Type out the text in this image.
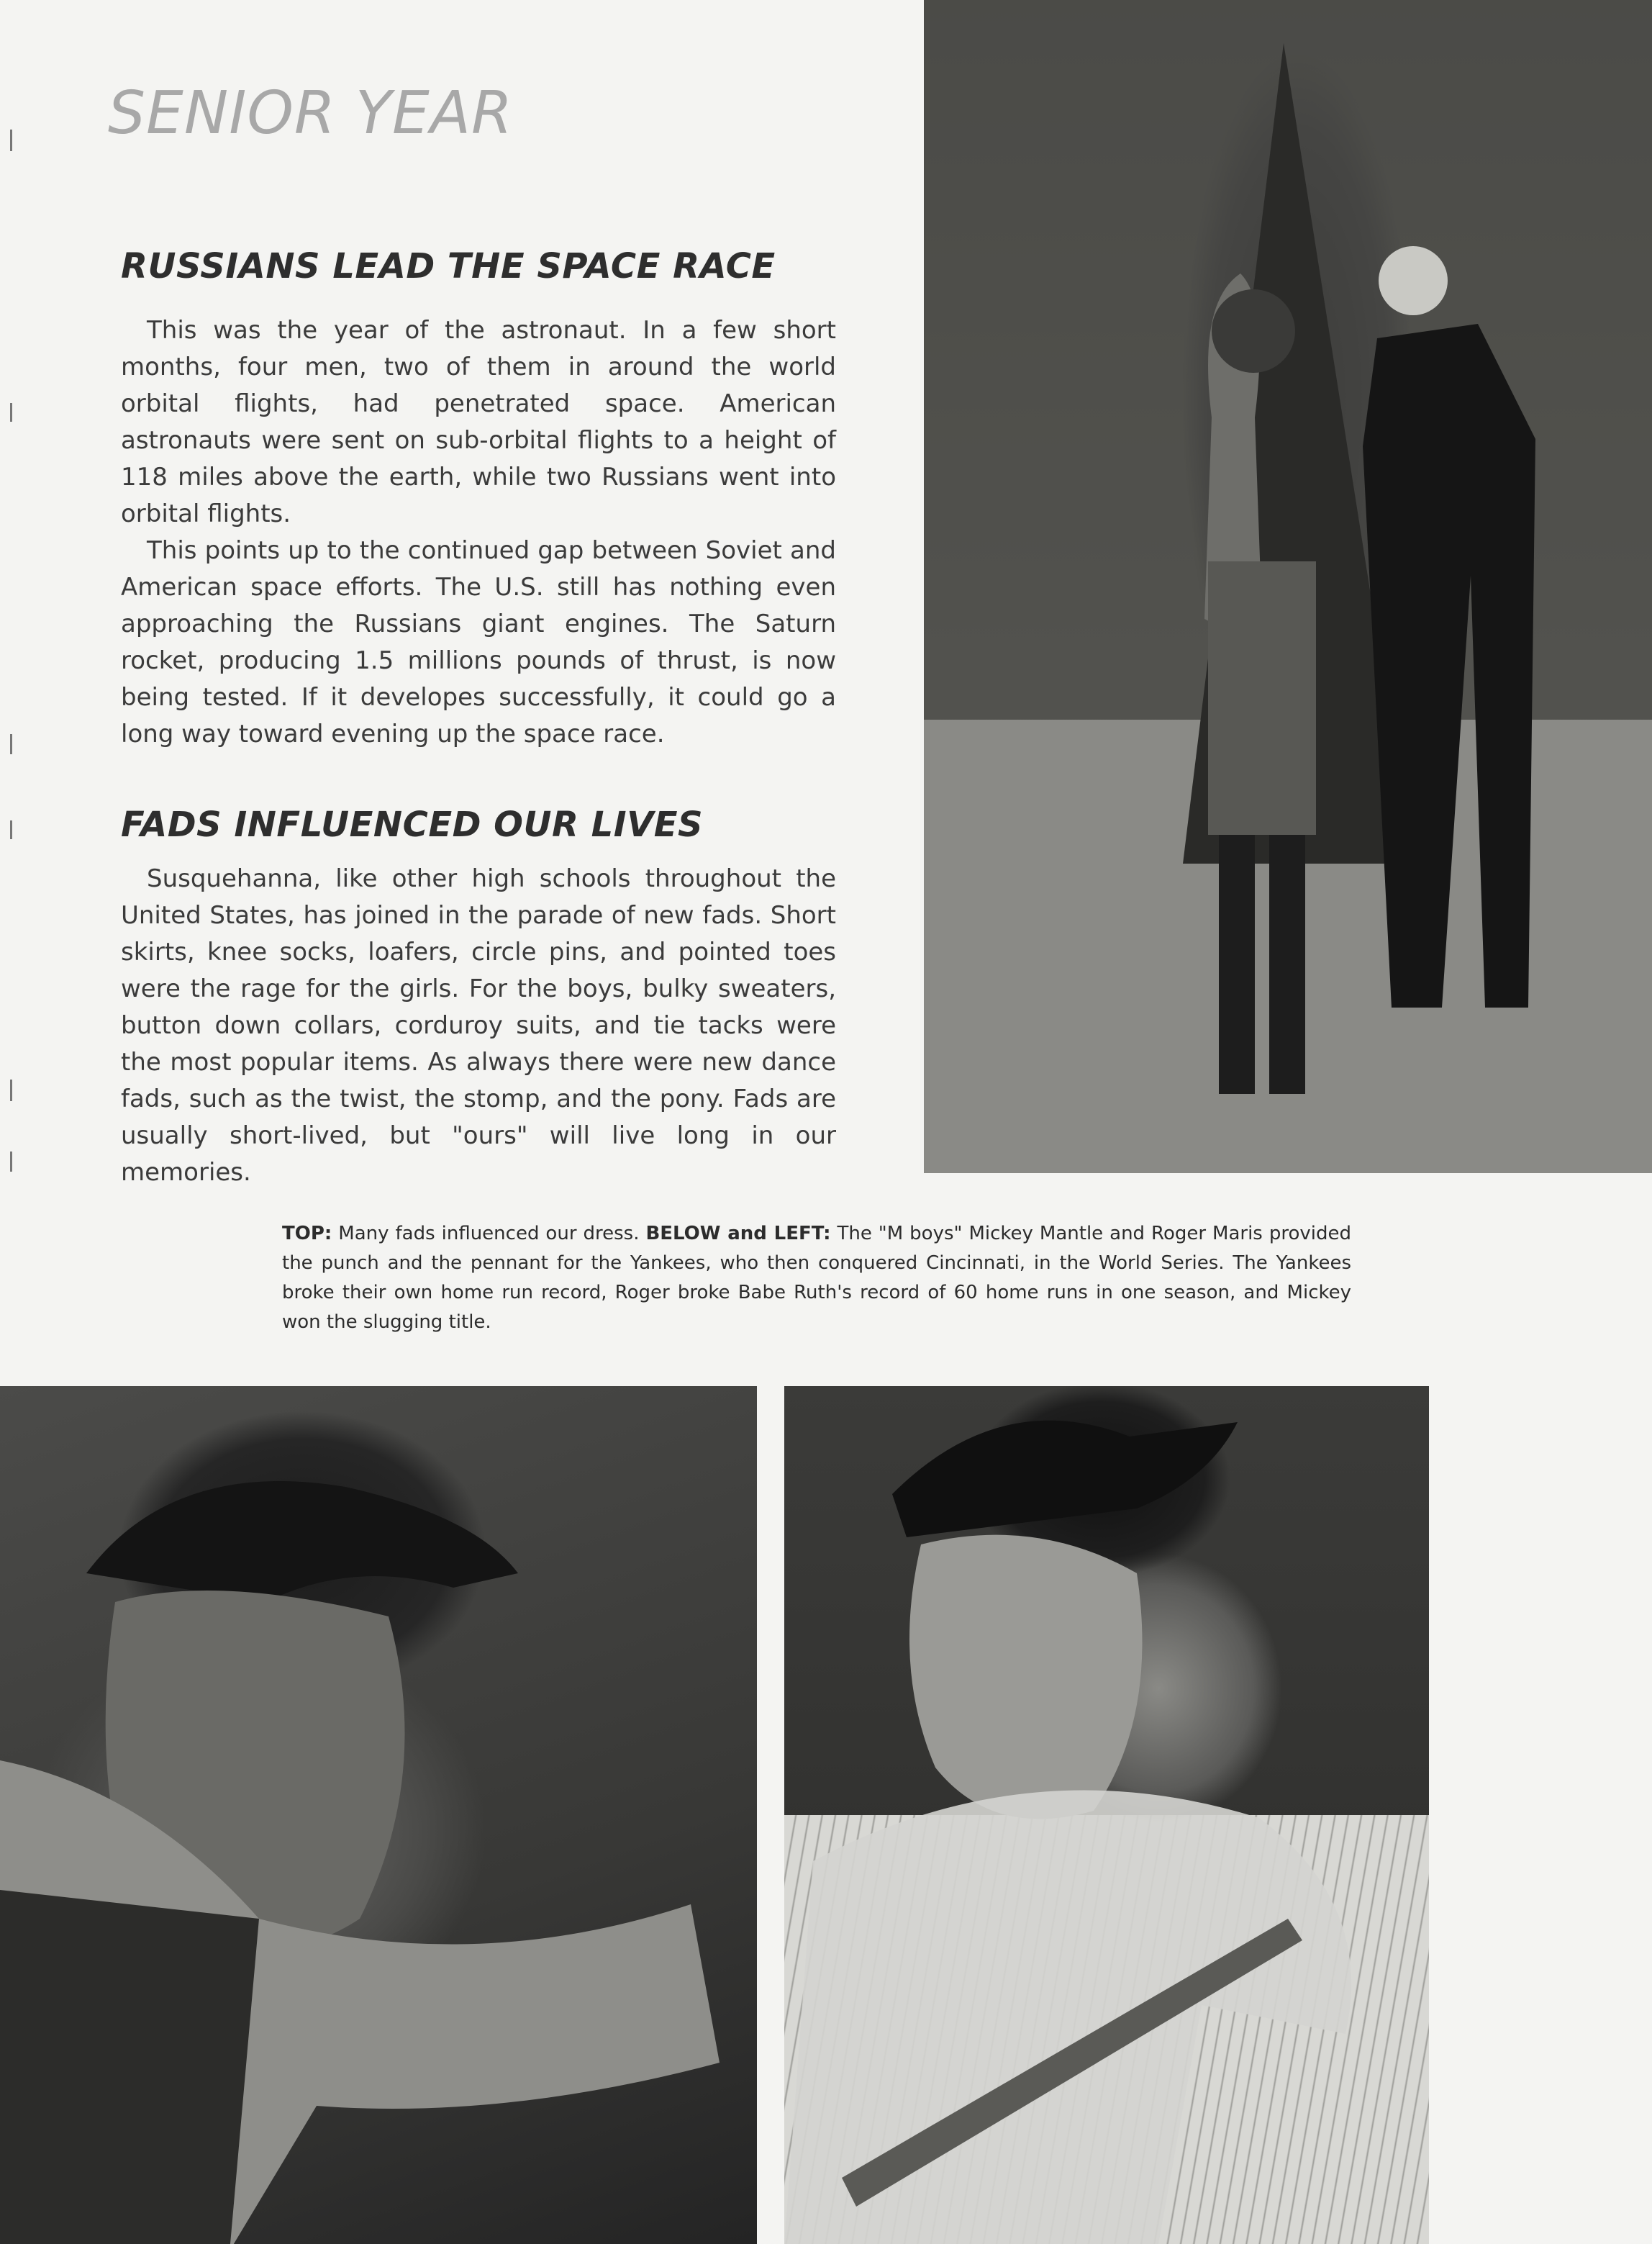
SENIOR YEAR
RUSSIANS LEAD THE SPACE RACE

This was the year of the astronaut. In a few short months, four men, two of them in around the world orbital flights, had penetrated space. American astronauts were sent on sub-orbital flights to a height of 118 miles above the earth, while two Russians went into orbital flights.

This points up to the continued gap between Soviet and American space efforts. The U.S. still has nothing even approaching the Russians giant engines. The Saturn rocket, producing 1.5 millions pounds of thrust, is now being tested. If it developes successfully, it could go a long way toward evening up the space race.

FADS INFLUENCED OUR LIVES

Susquehanna, like other high schools throughout the United States, has joined in the parade of new fads. Short skirts, knee socks, loafers, circle pins, and pointed toes were the rage for the girls. For the boys, bulky sweaters, button down collars, corduroy suits, and tie tacks were the most popular items. As always there were new dance fads, such as the twist, the stomp, and the pony. Fads are usually short-lived, but "ours" will live long in our memories.

TOP: Many fads influenced our dress. BELOW and LEFT: The "M boys" Mickey Mantle and Roger Maris provided the punch and the pennant for the Yankees, who then conquered Cincinnati, in the World Series. The Yankees broke their own home run record, Roger broke Babe Ruth's record of 60 home runs in one season, and Mickey won the slugging title.
